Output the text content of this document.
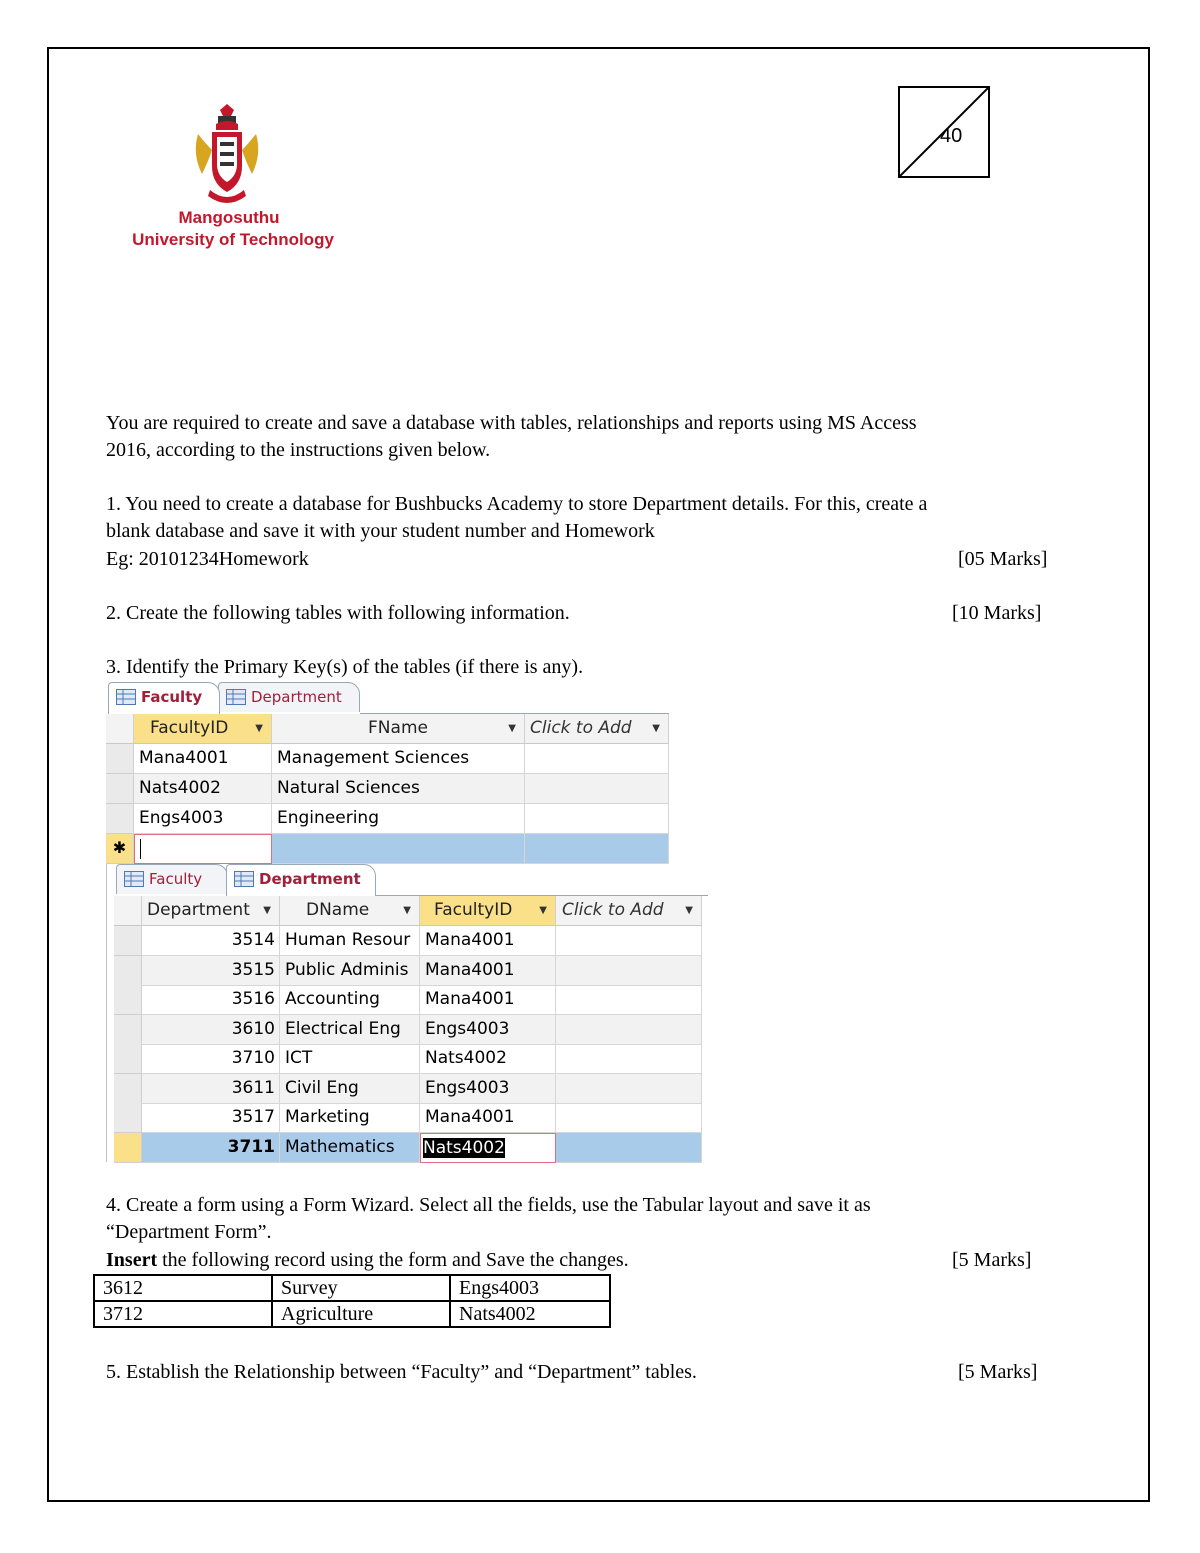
Mangosuthu
University of Technology
40
You are required to create and save a database with tables, relationships and reports using MS Access
2016, according to the instructions given below.
1. You need to create a database for Bushbucks Academy to store Department details. For this, create a
blank database and save it with your student number and Homework
Eg: 20101234Homework	[05 Marks]
2. Create the following tables with following information.	[10 Marks]
3. Identify the Primary Key(s) of the tables (if there is any).
Faculty	Department
FacultyID	▼	FName	▼ Click to Add ▼
Mana4001	Management Sciences
Nats4002	Natural Sciences
Engs4003	Engineering
✱
Faculty	Department
Department ▼	DName	▼	FacultyID	▼ Click to Add ▼
3514 Human Resour Mana4001
3515 Public Adminis Mana4001
3516 Accounting	Mana4001
3610 Electrical Eng	Engs4003
3710 ICT	Nats4002
3611 Civil Eng	Engs4003
3517 Marketing	Mana4001
3711 Mathematics	Nats4002
4. Create a form using a Form Wizard. Select all the fields, use the Tabular layout and save it as
“Department Form”.
Insert the following record using the form and Save the changes.	[5 Marks]
3612	Survey	Engs4003
3712	Agriculture	Nats4002
5. Establish the Relationship between “Faculty” and “Department” tables.	[5 Marks]
